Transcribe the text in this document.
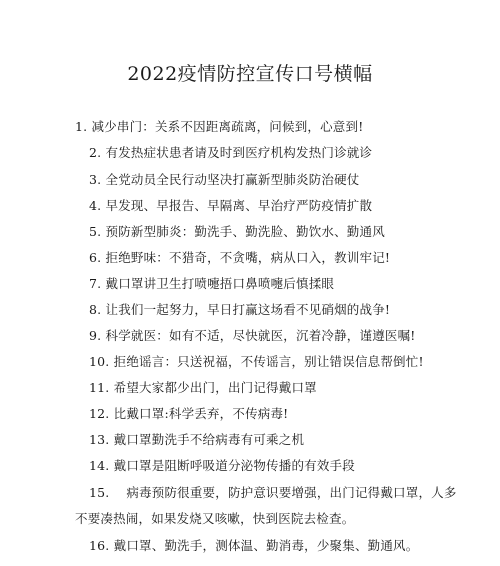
2022疫情防控宣传口号横幅
1. 减少串门：关系不因距离疏离，问候到，心意到!
2. 有发热症状患者请及时到医疗机构发热门诊就诊
3. 全党动员全民行动坚决打赢新型肺炎防治硬仗
4. 早发现、早报告、早隔离、早治疗严防疫情扩散
5. 预防新型肺炎：勤洗手、勤洗脸、勤饮水、勤通风
6. 拒绝野味：不猎奇，不贪嘴，病从口入，教训牢记!
7. 戴口罩讲卫生打喷嚏捂口鼻喷嚏后慎揉眼
8. 让我们一起努力，早日打赢这场看不见硝烟的战争!
9. 科学就医：如有不适，尽快就医，沉着冷静，谨遵医嘱!
10. 拒绝谣言：只送祝福，不传谣言，别让错误信息帮倒忙!
11. 希望大家都少出门，出门记得戴口罩
12. 比戴口罩:科学丢弃，不传病毒!
13. 戴口罩勤洗手不给病毒有可乘之机
14. 戴口罩是阻断呼吸道分泌物传播的有效手段
15.　 病毒预防很重要，防护意识要增强，出门记得戴口罩，人多
不要凑热闹，如果发烧又咳嗽，快到医院去检查。
16. 戴口罩、勤洗手，测体温、勤消毒，少聚集、勤通风。
